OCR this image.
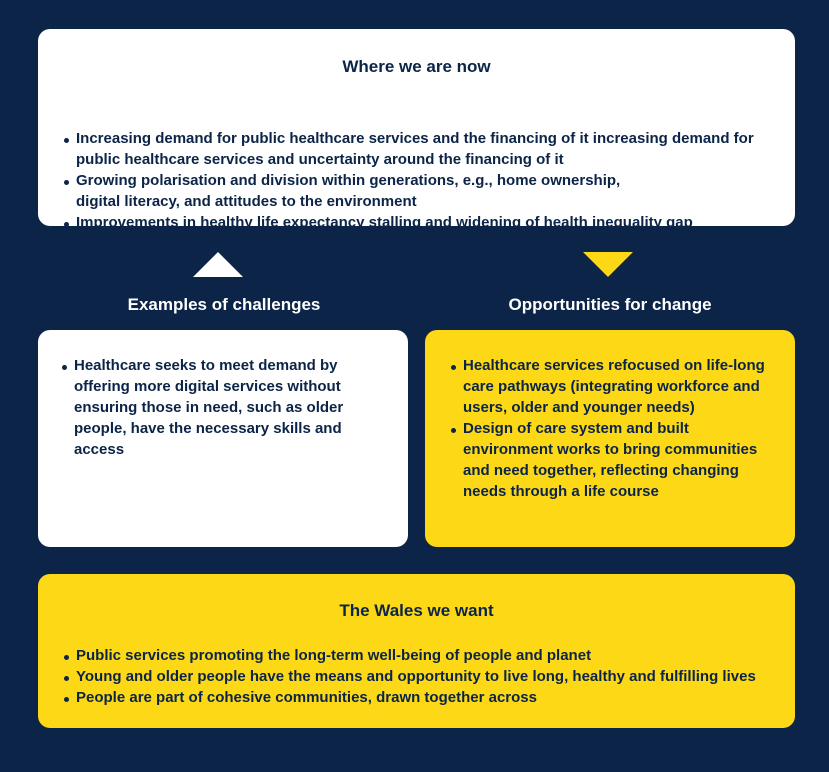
Where we are now
Increasing demand for public healthcare services and the financing of it increasing demand for public healthcare services and uncertainty around the financing of it
Growing polarisation and division within generations, e.g., home ownership, digital literacy, and attitudes to the environment
Improvements in healthy life expectancy stalling and widening of health inequality gap
Examples of challenges	Opportunities for change
Healthcare seeks to meet demand by offering more digital services without ensuring those in need, such as older people, have the necessary skills and access
Healthcare services refocused on life-long care pathways (integrating workforce and users, older and younger needs)
Design of care system and built environment works to bring communities and need together, reflecting changing needs through a life course
The Wales we want
Public services promoting the long-term well-being of people and planet
Young and older people have the means and opportunity to live long, healthy and fulfilling lives
People are part of cohesive communities, drawn together across
